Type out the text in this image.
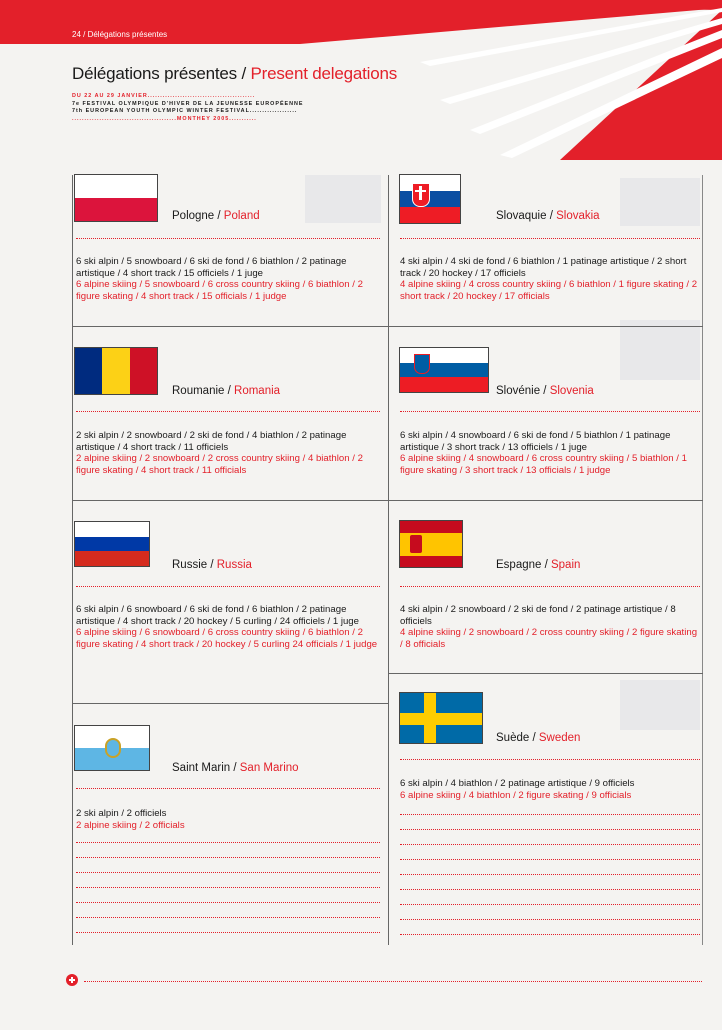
24 / Délégations présentes
Délégations présentes / Present delegations
DU 22 AU 29 JANVIER...........................................
7e FESTIVAL OLYMPIQUE D'HIVER DE LA JEUNESSE EUROPÉENNE
7th EUROPEAN YOUTH OLYMPIC WINTER FESTIVAL...................
..........................................MONTHEY 2005...........
Pologne / Poland
6 ski alpin / 5 snowboard / 6 ski de fond / 6 biathlon / 2 patinage artistique / 4 short track / 15 officiels / 1 juge
6 alpine skiing / 5 snowboard / 6 cross country skiing / 6 biathlon / 2 figure skating / 4 short track / 15 officials / 1 judge
Roumanie / Romania
2 ski alpin / 2 snowboard / 2 ski de fond / 4 biathlon / 2 patinage artistique / 4 short track / 11 officiels
2 alpine skiing / 2 snowboard / 2 cross country skiing / 4 biathlon / 2 figure skating / 4 short track / 11 officials
Russie / Russia
6 ski alpin / 6 snowboard / 6 ski de fond / 6 biathlon / 2 patinage artistique / 4 short track / 20 hockey / 5 curling / 24 officiels / 1 juge
6 alpine skiing / 6 snowboard / 6 cross country skiing / 6 biathlon / 2 figure skating / 4 short track / 20 hockey / 5 curling 24 officials / 1 judge
Saint Marin / San Marino
2 ski alpin / 2 officiels
2 alpine skiing / 2 officials
Slovaquie / Slovakia
4 ski alpin / 4 ski de fond / 6 biathlon / 1 patinage artistique / 2 short track / 20 hockey / 17 officiels
4 alpine skiing / 4 cross country skiing / 6 biathlon / 1 figure skating / 2 short track / 20 hockey / 17 officials
Slovénie / Slovenia
6 ski alpin / 4 snowboard / 6 ski de fond / 5 biathlon / 1 patinage artistique / 3 short track / 13 officiels / 1 juge
6 alpine skiing / 4 snowboard / 6 cross country skiing / 5 biathlon / 1 figure skating / 3 short track / 13 officials / 1 judge
Espagne / Spain
4 ski alpin / 2 snowboard / 2 ski de fond / 2 patinage artistique / 8 officiels
4 alpine skiing / 2 snowboard / 2 cross country skiing / 2 figure skating / 8 officials
Suède / Sweden
6 ski alpin / 4 biathlon / 2 patinage artistique / 9 officiels
6 alpine skiing / 4 biathlon / 2 figure skating / 9 officials
